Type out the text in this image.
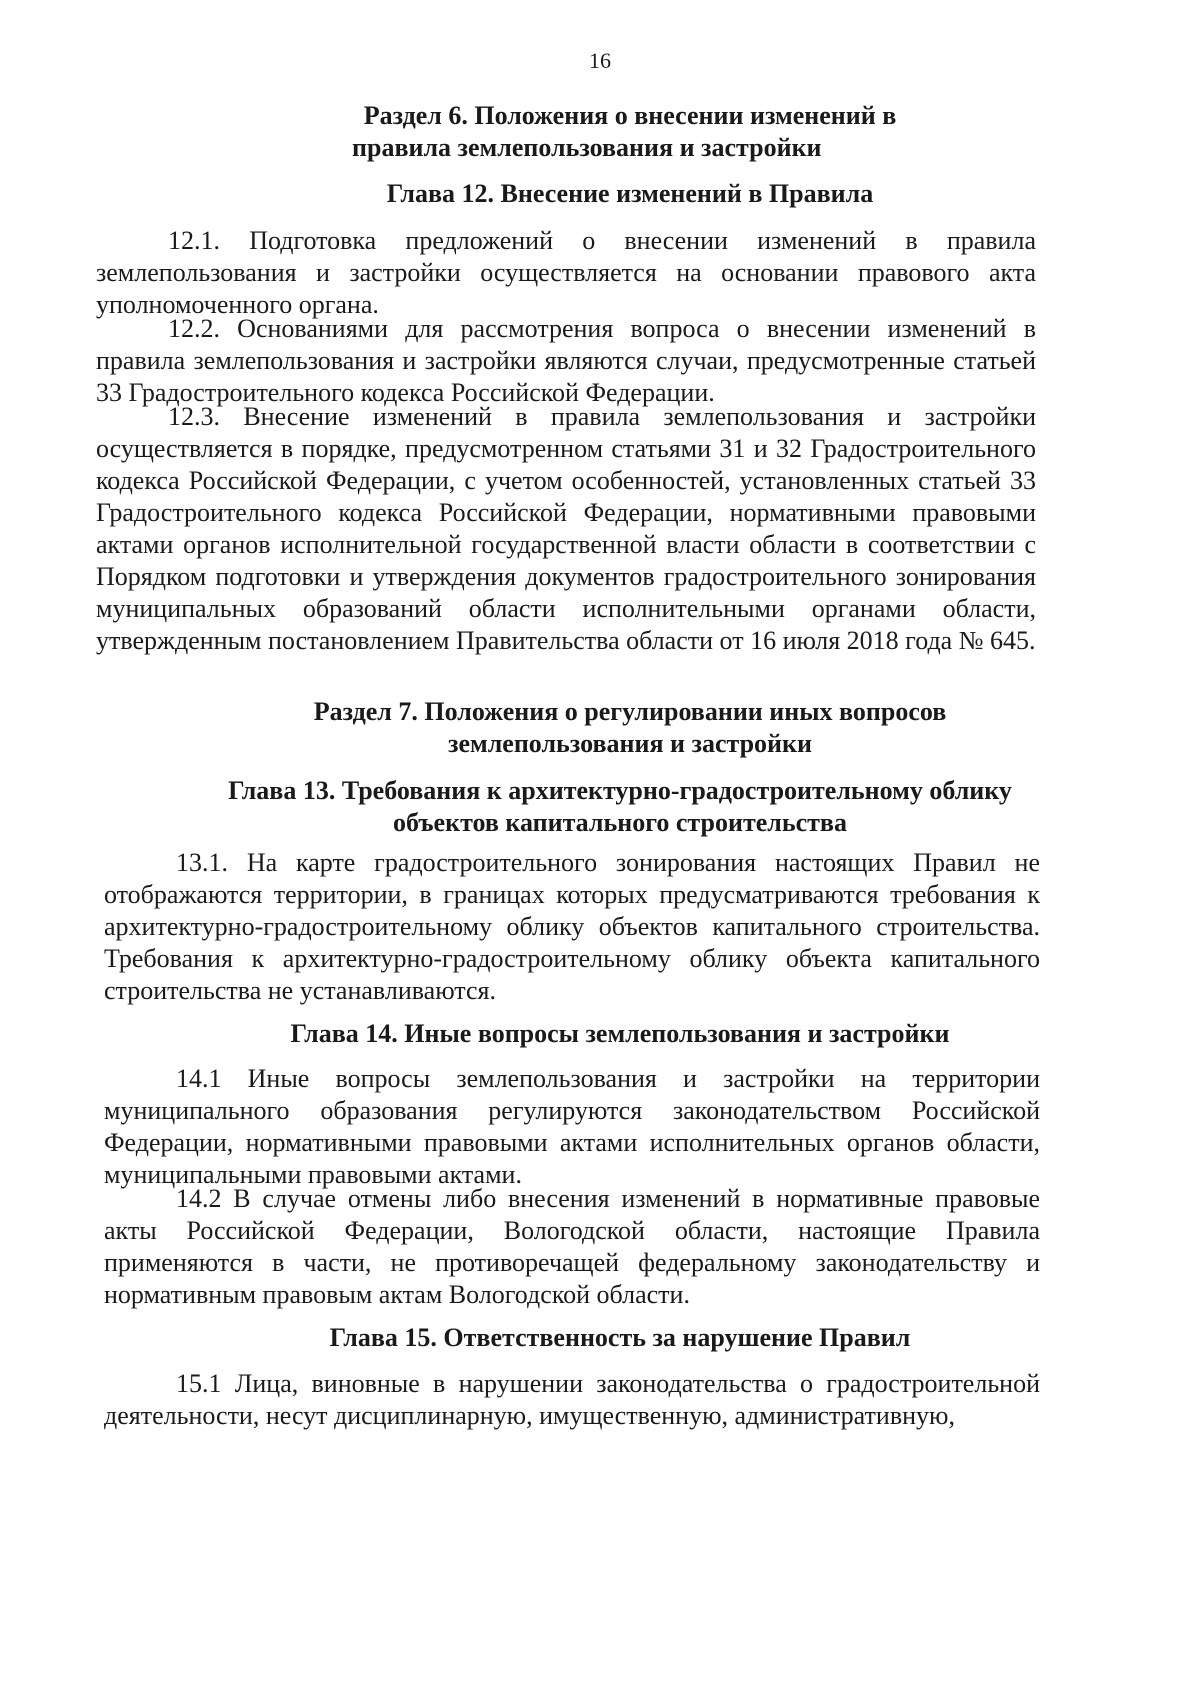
16
Раздел 6. Положения о внесении изменений в
правила землепользования и застройки
Глава 12. Внесение изменений в Правила
12.1. Подготовка предложений о внесении изменений в правила землепользования и застройки осуществляется на основании правового акта уполномоченного органа.
12.2. Основаниями для рассмотрения вопроса о внесении изменений в правила землепользования и застройки являются случаи, предусмотренные статьей 33 Градостроительного кодекса Российской Федерации.
12.3. Внесение изменений в правила землепользования и застройки осуществляется в порядке, предусмотренном статьями 31 и 32 Градостроительного кодекса Российской Федерации, с учетом особенностей, установленных статьей 33 Градостроительного кодекса Российской Федерации, нормативными правовыми актами органов исполнительной государственной власти области в соответствии с Порядком подготовки и утверждения документов градостроительного зонирования муниципальных образований области исполнительными органами области, утвержденным постановлением Правительства области от 16 июля 2018 года № 645.
Раздел 7. Положения о регулировании иных вопросов
землепользования и застройки
Глава 13. Требования к архитектурно-градостроительному облику
объектов капитального строительства
13.1. На карте градостроительного зонирования настоящих Правил не отображаются территории, в границах которых предусматриваются требования к архитектурно-градостроительному облику объектов капитального строительства. Требования к архитектурно-градостроительному облику объекта капитального строительства не устанавливаются.
Глава 14. Иные вопросы землепользования и застройки
14.1 Иные вопросы землепользования и застройки на территории муниципального образования регулируются законодательством Российской Федерации, нормативными правовыми актами исполнительных органов области, муниципальными правовыми актами.
14.2 В случае отмены либо внесения изменений в нормативные правовые акты Российской Федерации, Вологодской области, настоящие Правила применяются в части, не противоречащей федеральному законодательству и нормативным правовым актам Вологодской области.
Глава 15. Ответственность за нарушение Правил
15.1 Лица, виновные в нарушении законодательства о градостроительной деятельности, несут дисциплинарную, имущественную, административную,
